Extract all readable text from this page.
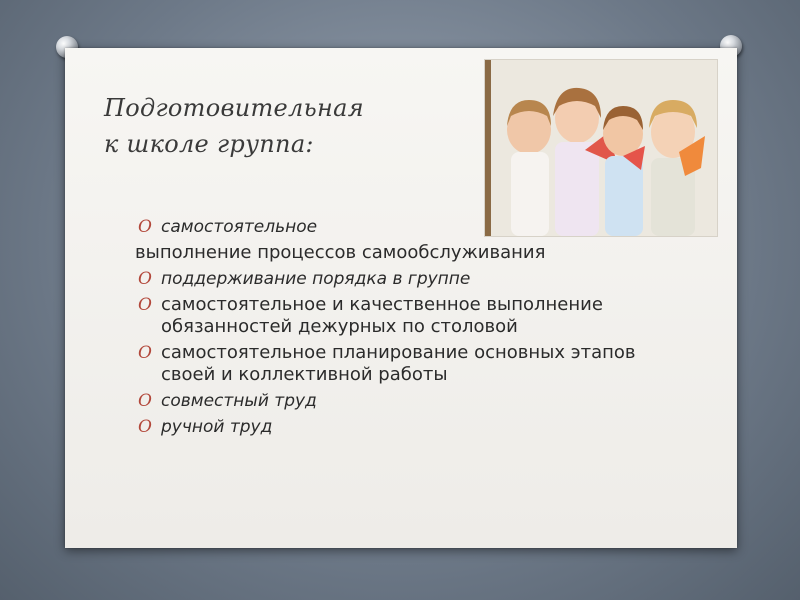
Подготовительная
к школе группа:
О самостоятельное
выполнение процессов самообслуживания
О поддерживание порядка в группе
О самостоятельное и качественное выполнение обязанностей дежурных по столовой
О самостоятельное планирование основных этапов своей и коллективной работы
О совместный труд
О ручной труд
